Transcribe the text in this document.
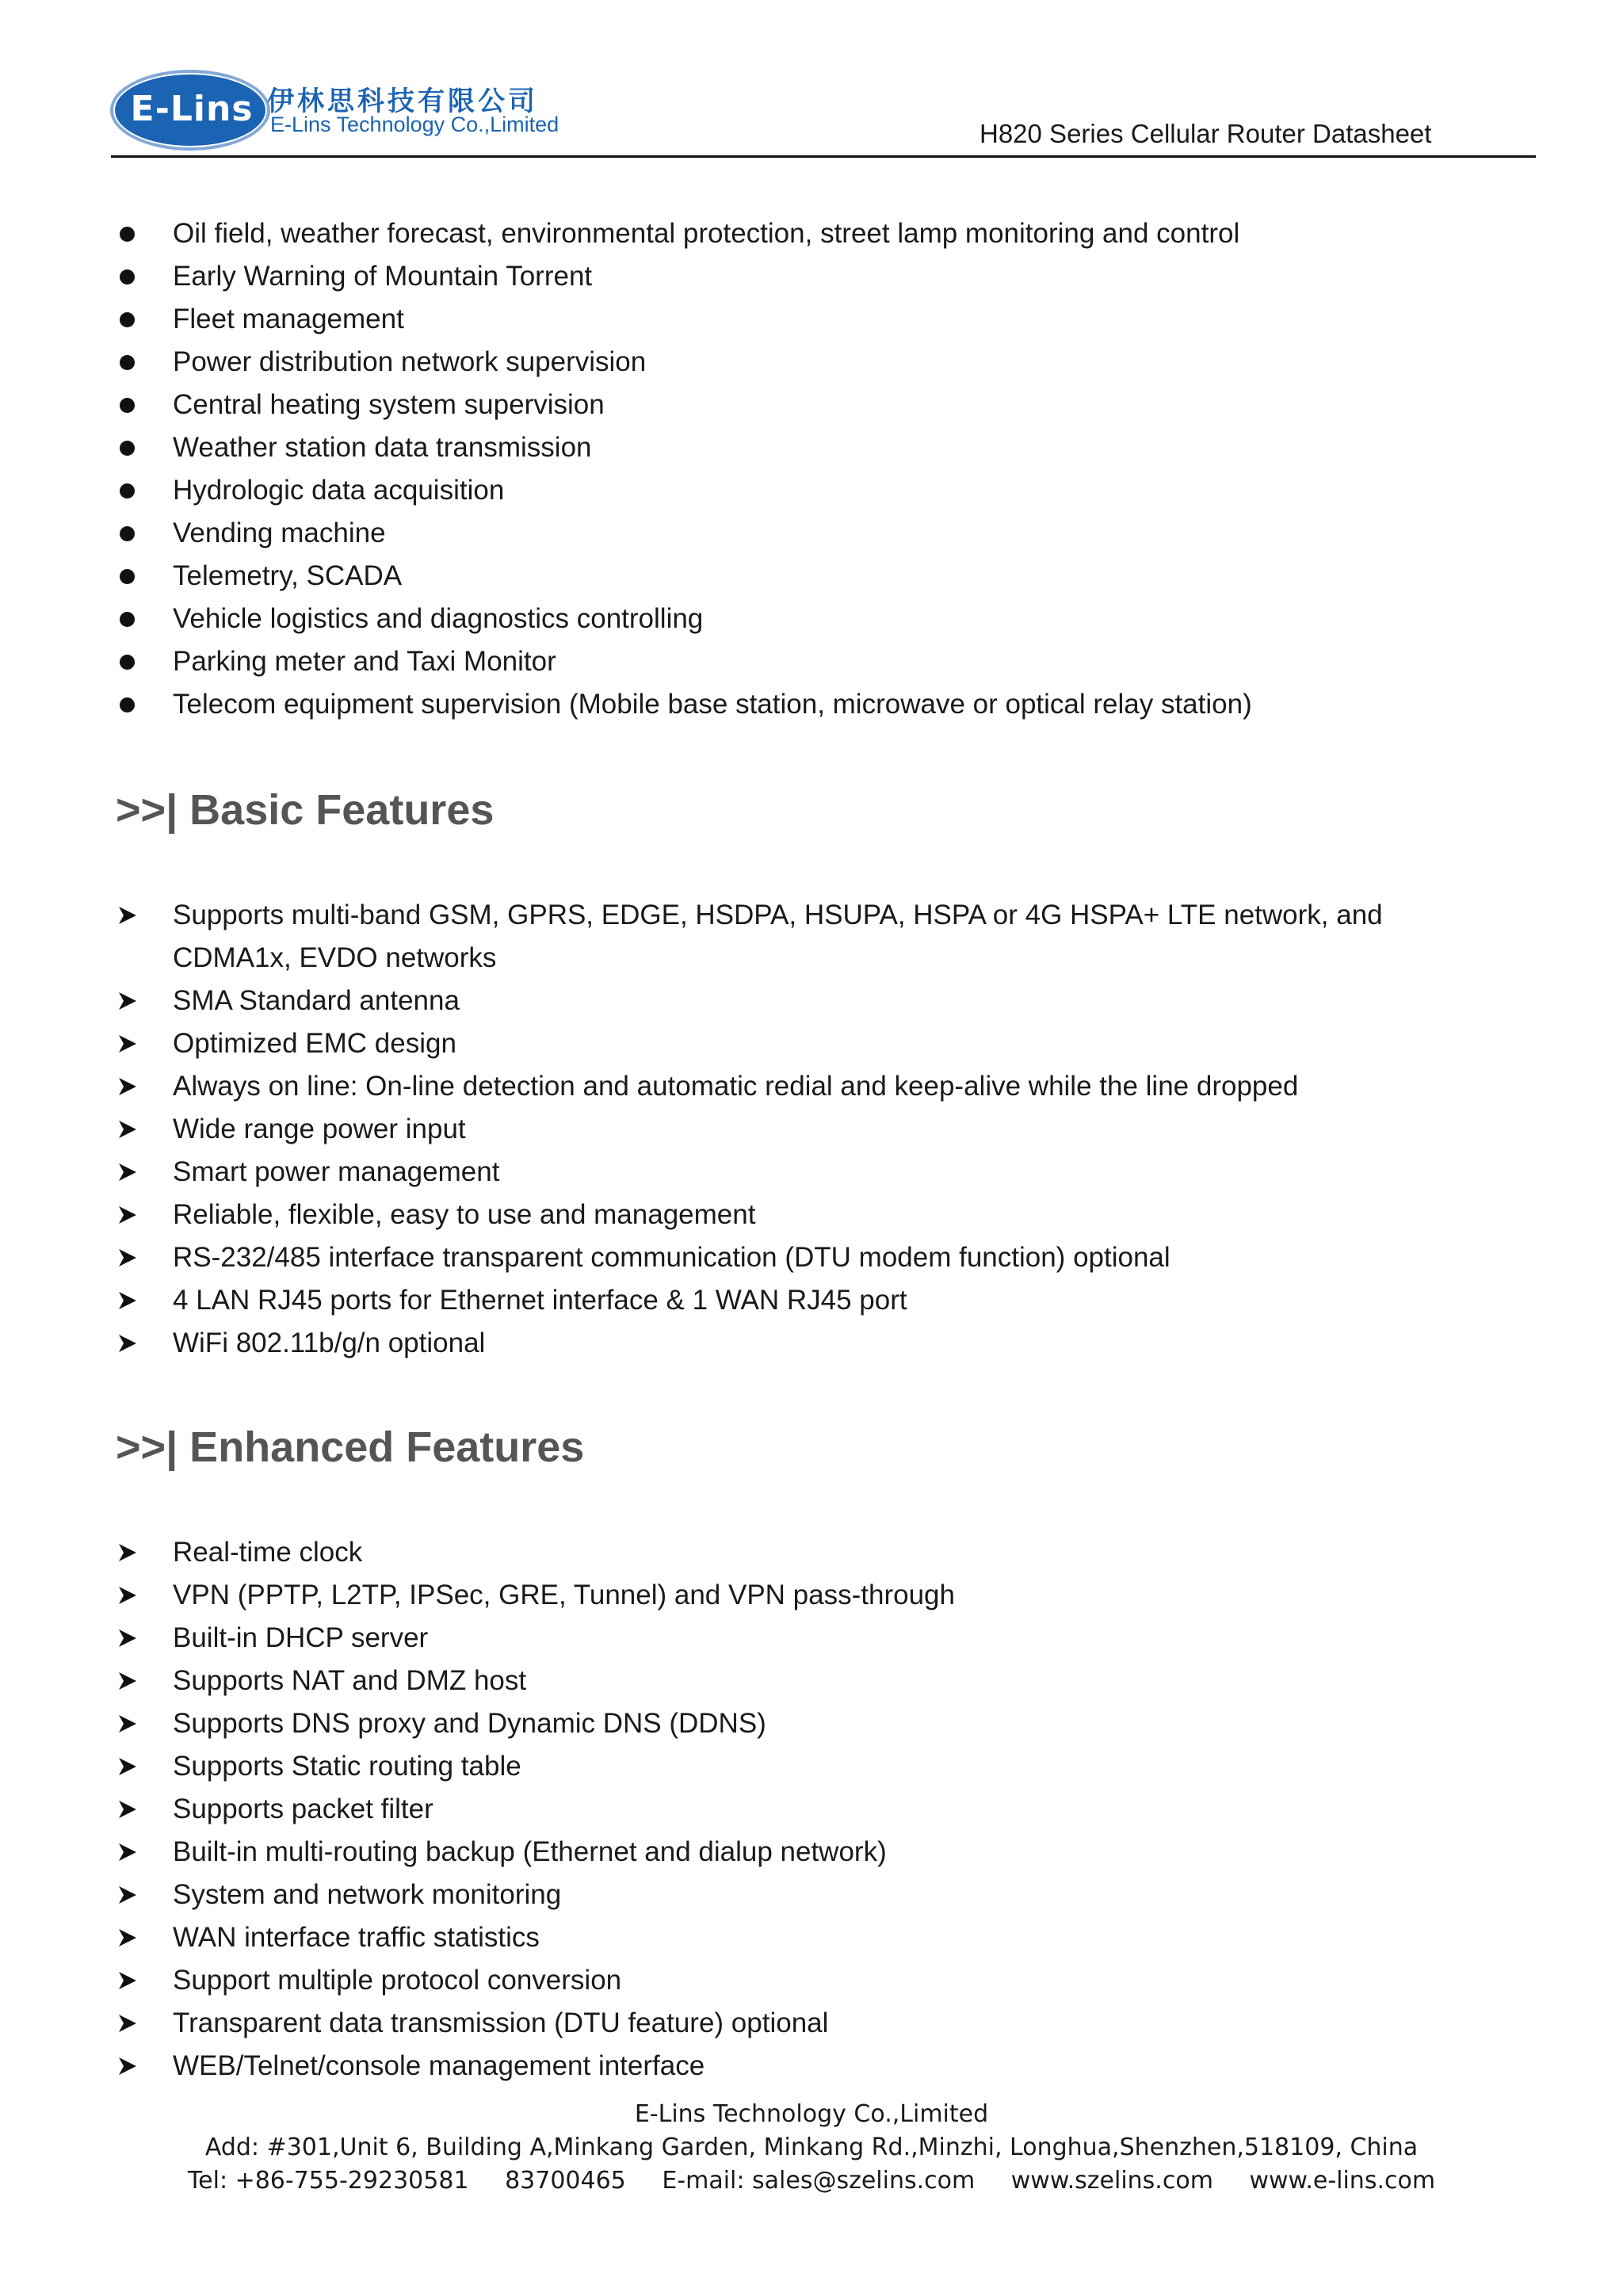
E-Lins 伊林思科技有限公司
E-Lins Technology Co.,Limited	H820 Series Cellular Router Datasheet
Oil field, weather forecast, environmental protection, street lamp monitoring and control
Early Warning of Mountain Torrent
Fleet management
Power distribution network supervision
Central heating system supervision
Weather station data transmission
Hydrologic data acquisition
Vending machine
Telemetry, SCADA
Vehicle logistics and diagnostics controlling
Parking meter and Taxi Monitor
Telecom equipment supervision (Mobile base station, microwave or optical relay station)
>>| Basic Features
Supports multi-band GSM, GPRS, EDGE, HSDPA, HSUPA, HSPA or 4G HSPA+ LTE network, and
CDMA1x, EVDO networks
SMA Standard antenna
Optimized EMC design
Always on line: On-line detection and automatic redial and keep-alive while the line dropped
Wide range power input
Smart power management
Reliable, flexible, easy to use and management
RS-232/485 interface transparent communication (DTU modem function) optional
4 LAN RJ45 ports for Ethernet interface & 1 WAN RJ45 port
WiFi 802.11b/g/n optional
>>| Enhanced Features
Real-time clock
VPN (PPTP, L2TP, IPSec, GRE, Tunnel) and VPN pass-through
Built-in DHCP server
Supports NAT and DMZ host
Supports DNS proxy and Dynamic DNS (DDNS)
Supports Static routing table
Supports packet filter
Built-in multi-routing backup (Ethernet and dialup network)
System and network monitoring
WAN interface traffic statistics
Support multiple protocol conversion
Transparent data transmission (DTU feature) optional
WEB/Telnet/console management interface
E-Lins Technology Co.,Limited
Add: #301,Unit 6, Building A,Minkang Garden, Minkang Rd.,Minzhi, Longhua,Shenzhen,518109, China
Tel: +86-755-29230581 83700465 E-mail: sales@szelins.com www.szelins.com www.e-lins.com
